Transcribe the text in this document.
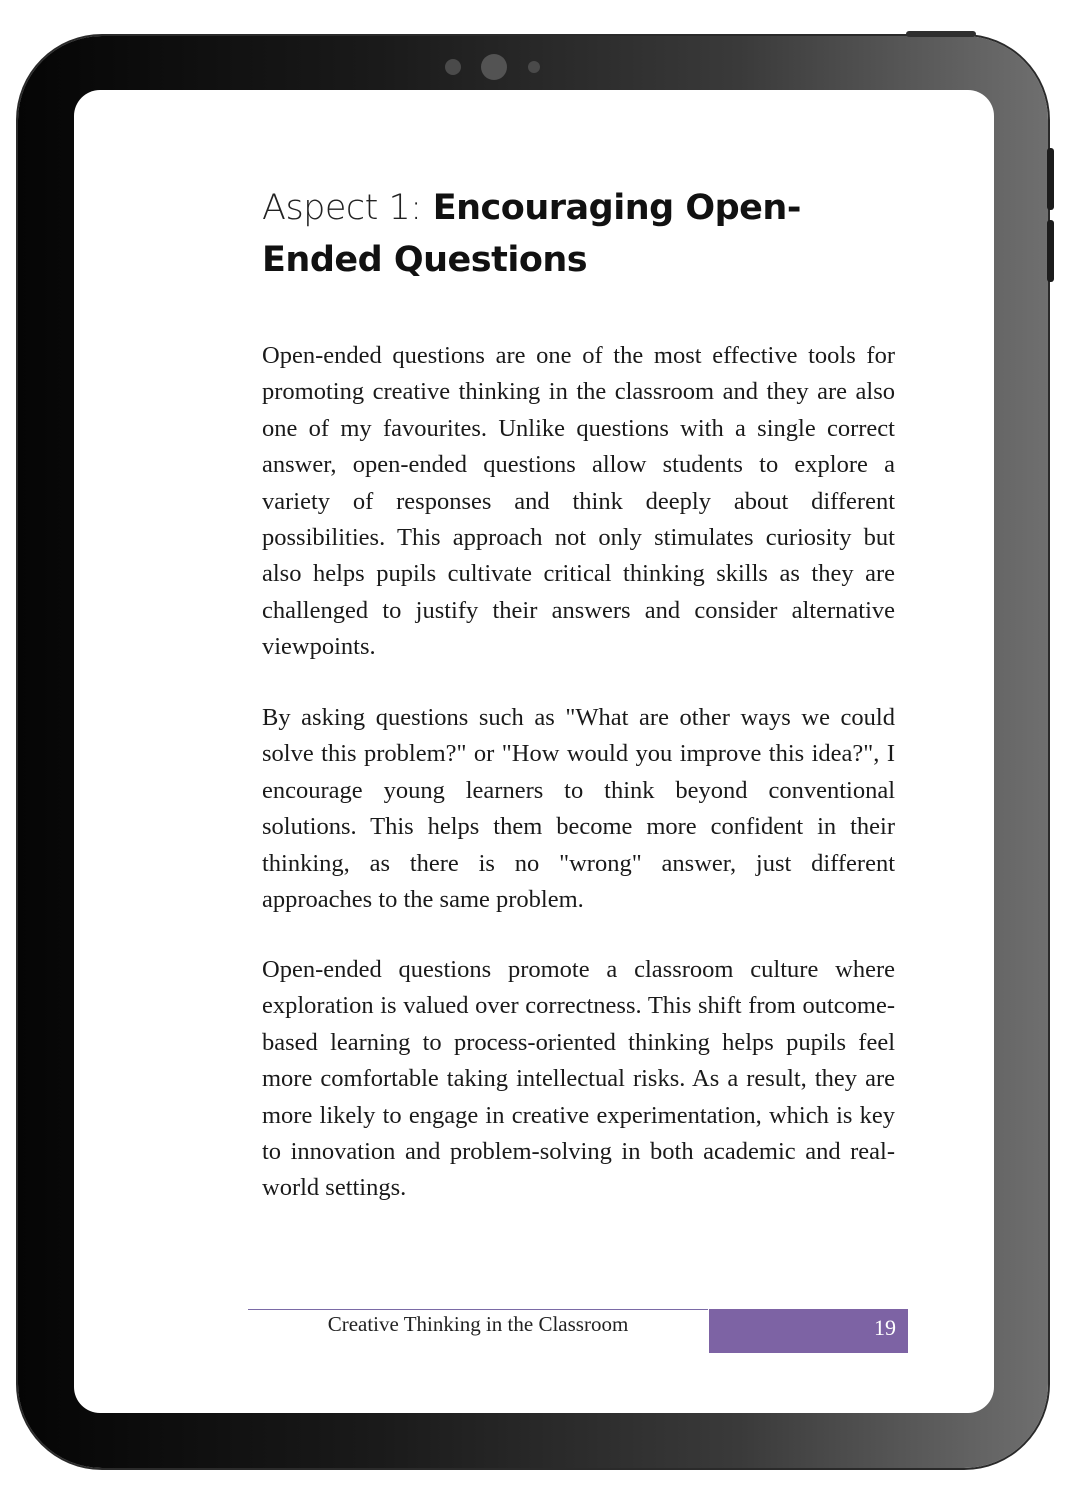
Aspect 1: Encouraging Open-Ended Questions

Open-ended questions are one of the most effective tools for promoting creative thinking in the classroom and they are also one of my favourites. Unlike questions with a single correct answer, open-ended questions allow students to explore a variety of responses and think deeply about different possibilities. This approach not only stimulates curiosity but also helps pupils cultivate critical thinking skills as they are challenged to justify their answers and consider alternative viewpoints.

By asking questions such as "What are other ways we could solve this problem?" or "How would you improve this idea?", I encourage young learners to think beyond conventional solutions. This helps them become more confident in their thinking, as there is no "wrong" answer, just different approaches to the same problem.

Open-ended questions promote a classroom culture where exploration is valued over correctness. This shift from outcome-based learning to process-oriented thinking helps pupils feel more comfortable taking intellectual risks. As a result, they are more likely to engage in creative experimentation, which is key to innovation and problem-solving in both academic and real-world settings.

Creative Thinking in the Classroom	19
